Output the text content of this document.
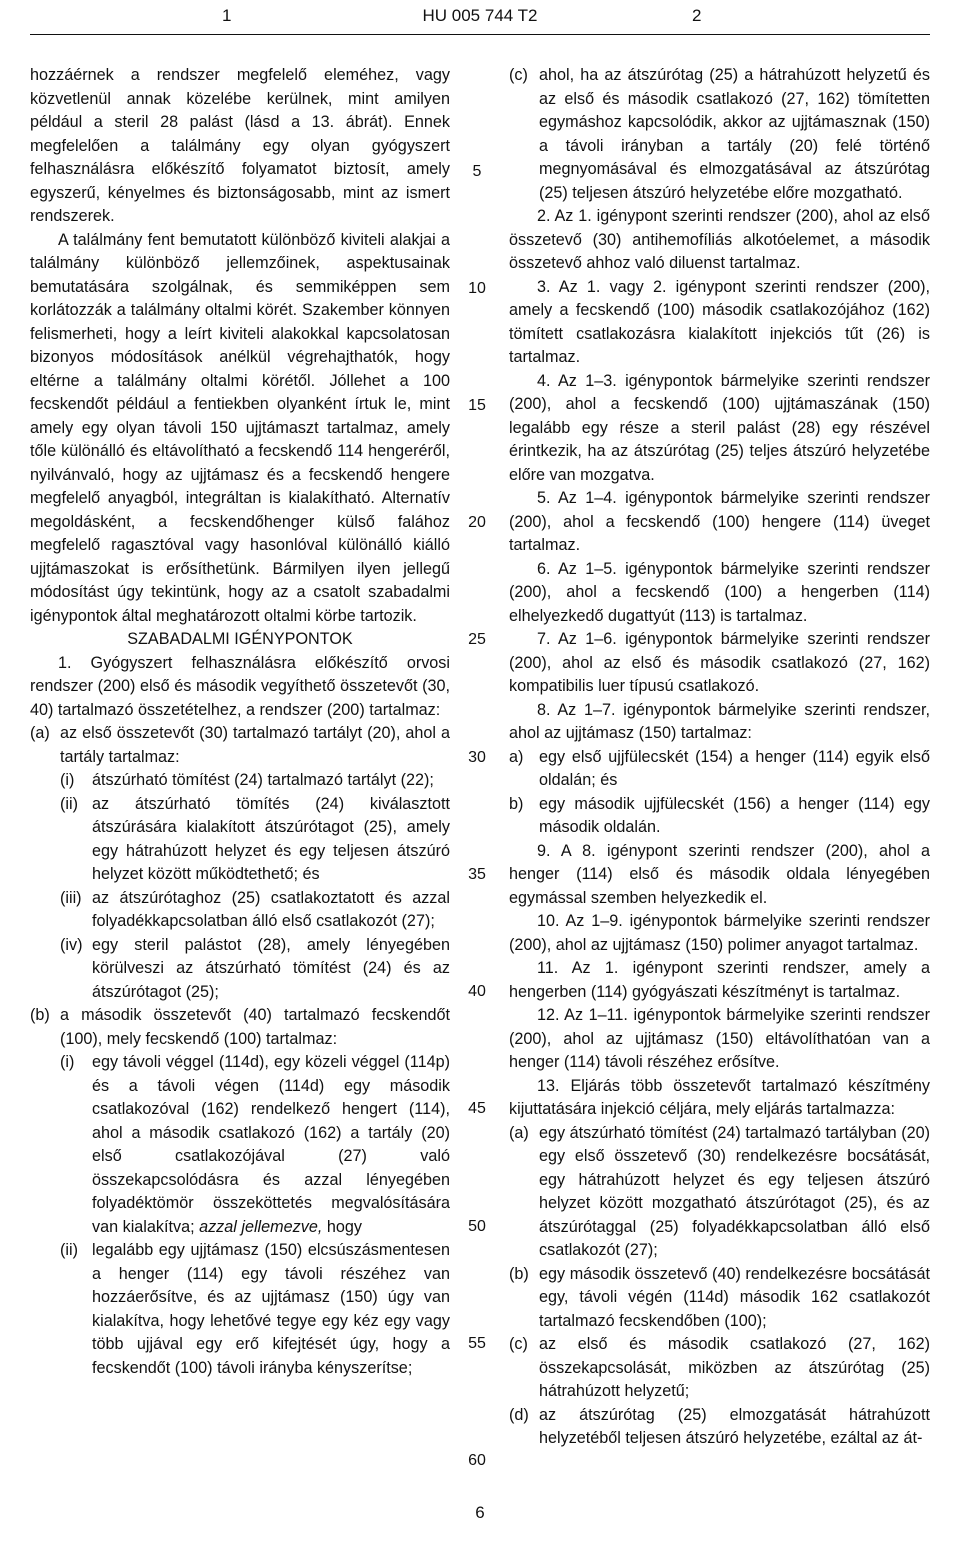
1	HU 005 744 T2	2

hozzáérnek a rendszer megfelelő eleméhez, vagy közvetlenül annak közelébe kerülnek, mint amilyen például a steril 28 palást (lásd a 13. ábrát). Ennek megfelelően a találmány egy olyan gyógyszert felhasználásra előkészítő folyamatot biztosít, amely egyszerű, kényelmes és biztonságosabb, mint az ismert rendszerek.

A találmány fent bemutatott különböző kiviteli alakjai a találmány különböző jellemzőinek, aspektusainak bemutatására szolgálnak, és semmiképpen sem korlátozzák a találmány oltalmi körét. Szakember könnyen felismerheti, hogy a leírt kiviteli alakokkal kapcsolatosan bizonyos módosítások anélkül végrehajthatók, hogy eltérne a találmány oltalmi körétől. Jóllehet a 100 fecskendőt például a fentiekben olyanként írtuk le, mint amely egy olyan távoli 150 ujjtámaszt tartalmaz, amely tőle különálló és eltávolítható a fecskendő 114 hengeréről, nyilvánvaló, hogy az ujjtámasz és a fecskendő hengere megfelelő anyagból, integráltan is kialakítható. Alternatív megoldásként, a fecskendőhenger külső falához megfelelő ragasztóval vagy hasonlóval különálló kiálló ujjtámaszokat is erősíthetünk. Bármilyen ilyen jellegű módosítást úgy tekintünk, hogy az a csatolt szabadalmi igénypontok által meghatározott oltalmi körbe tartozik.

SZABADALMI IGÉNYPONTOK

1. Gyógyszert felhasználásra előkészítő orvosi rendszer (200) első és második vegyíthető összetevőt (30, 40) tartalmazó összetételhez, a rendszer (200) tartalmaz:

(a) az első összetevőt (30) tartalmazó tartályt (20), ahol a tartály tartalmaz:
(i)	átszúrható tömítést (24) tartalmazó tartályt (22);
(ii) az átszúrható tömítés (24) kiválasztott átszúrására kialakított átszúrótagot (25), amely egy hátrahúzott helyzet és egy teljesen átszúró helyzet között működtethető; és
(iii) az átszúrótaghoz (25) csatlakoztatott és azzal folyadékkapcsolatban álló első csatlakozót (27);
(iv) egy steril palástot (28), amely lényegében körülveszi az átszúrható tömítést (24) és az átszúrótagot (25);
(b) a második összetevőt (40) tartalmazó fecskendőt (100), mely fecskendő (100) tartalmaz:
(i)	egy távoli véggel (114d), egy közeli véggel (114p) és a távoli végen (114d) egy második csatlakozóval (162) rendelkező hengert (114), ahol a második csatlakozó (162) a tartály (20) első csatlakozójával (27) való összekapcsolódásra és azzal lényegében folyadéktömör összeköttetés megvalósítására van kialakítva; azzal jellemezve, hogy
(ii) legalább egy ujjtámasz (150) elcsúszásmentesen a henger (114) egy távoli részéhez van hozzáerősítve, és az ujjtámasz (150) úgy van kialakítva, hogy lehetővé tegye egy kéz egy vagy több ujjával egy erő kifejtését úgy, hogy a fecskendőt (100) távoli irányba kényszerítse;
(c) ahol, ha az átszúrótag (25) a hátrahúzott helyzetű és az első és második csatlakozó (27, 162) tömítetten egymáshoz kapcsolódik, akkor az ujjtámasznak (150) a távoli irányban a tartály (20) felé történő megnyomásával és elmozgatásával az átszúrótag (25) teljesen átszúró helyzetébe előre mozgatható.

2. Az 1. igénypont szerinti rendszer (200), ahol az első összetevő (30) antihemofíliás alkotóelemet, a második összetevő ahhoz való diluenst tartalmaz.

3. Az 1. vagy 2. igénypont szerinti rendszer (200), amely a fecskendő (100) második csatlakozójához (162) tömített csatlakozásra kialakított injekciós tűt (26) is tartalmaz.

4. Az 1–3. igénypontok bármelyike szerinti rendszer (200), ahol a fecskendő (100) ujjtámaszának (150) legalább egy része a steril palást (28) egy részével érintkezik, ha az átszúrótag (25) teljes átszúró helyzetébe előre van mozgatva.

5. Az 1–4. igénypontok bármelyike szerinti rendszer (200), ahol a fecskendő (100) hengere (114) üveget tartalmaz.

6. Az 1–5. igénypontok bármelyike szerinti rendszer (200), ahol a fecskendő (100) a hengerben (114) elhelyezkedő dugattyút (113) is tartalmaz.

7. Az 1–6. igénypontok bármelyike szerinti rendszer (200), ahol az első és második csatlakozó (27, 162) kompatibilis luer típusú csatlakozó.

8. Az 1–7. igénypontok bármelyike szerinti rendszer, ahol az ujjtámasz (150) tartalmaz:

a) egy első ujjfülecskét (154) a henger (114) egyik első oldalán; és
b) egy második ujjfülecskét (156) a henger (114) egy második oldalán.

9. A 8. igénypont szerinti rendszer (200), ahol a henger (114) első és második oldala lényegében egymással szemben helyezkedik el.

10. Az 1–9. igénypontok bármelyike szerinti rendszer (200), ahol az ujjtámasz (150) polimer anyagot tartalmaz.

11. Az 1. igénypont szerinti rendszer, amely a hengerben (114) gyógyászati készítményt is tartalmaz.

12. Az 1–11. igénypontok bármelyike szerinti rendszer (200), ahol az ujjtámasz (150) eltávolíthatóan van a henger (114) távoli részéhez erősítve.

13. Eljárás több összetevőt tartalmazó készítmény kijuttatására injekció céljára, mely eljárás tartalmazza:

(a) egy átszúrható tömítést (24) tartalmazó tartályban (20) egy első összetevő (30) rendelkezésre bocsátását, egy hátrahúzott helyzet és egy teljesen átszúró helyzet között mozgatható átszúrótagot (25), és az átszúrótaggal (25) folyadékkapcsolatban álló első csatlakozót (27);
(b) egy második összetevő (40) rendelkezésre bocsátását egy, távoli végén (114d) második 162 csatlakozót tartalmazó fecskendőben (100);
(c) az első és második csatlakozó (27, 162) összekapcsolását, miközben az átszúrótag (25) hátrahúzott helyzetű;
(d) az átszúrótag (25) elmozgatását hátrahúzott helyzetéből teljesen átszúró helyzetébe, ezáltal az át-
5
10
15
20
25
30
35
40
45
50
55
60
6
